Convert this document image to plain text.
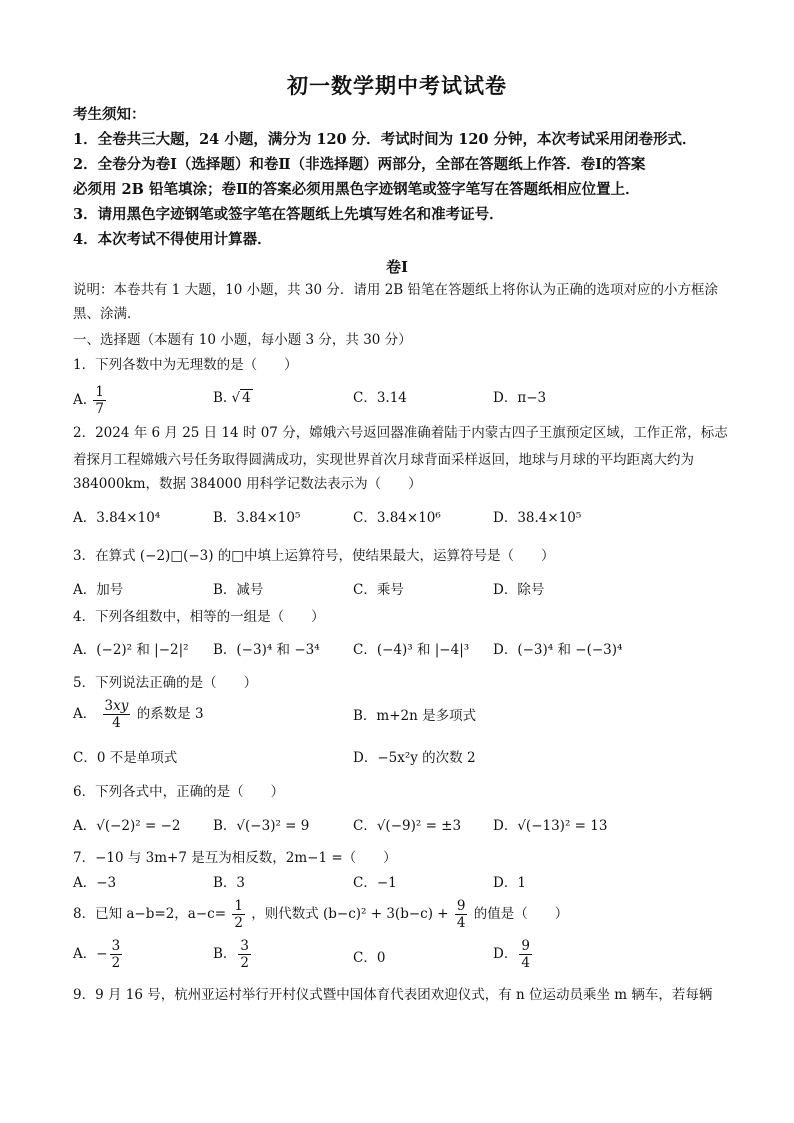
初一数学期中考试试卷
考生须知：
1．全卷共三大题，24 小题，满分为 120 分．考试时间为 120 分钟，本次考试采用闭卷形式．
2．全卷分为卷Ⅰ（选择题）和卷Ⅱ（非选择题）两部分，全部在答题纸上作答．卷Ⅰ的答案
必须用 2B 铅笔填涂；卷Ⅱ的答案必须用黑色字迹钢笔或签字笔写在答题纸相应位置上．
3．请用黑色字迹钢笔或签字笔在答题纸上先填写姓名和准考证号．
4．本次考试不得使用计算器．
卷Ⅰ
说明：本卷共有 1 大题，10 小题，共 30 分．请用 2B 铅笔在答题纸上将你认为正确的选项对应的小方框涂
黑、涂满．
一、选择题（本题有 10 小题，每小题 3 分，共 30 分）
1．下列各数中为无理数的是（　　）
A. $\frac{1}{7}$	B. √ 4	C．3.14	D．π−3
2．2024 年 6 月 25 日 14 时 07 分，嫦娥六号返回器准确着陆于内蒙古四子王旗预定区域，工作正常，标志
着探月工程嫦娥六号任务取得圆满成功，实现世界首次月球背面采样返回，地球与月球的平均距离大约为
384000km，数据 384000 用科学记数法表示为（　　）
A．3.84×10⁴	B．3.84×10⁵	C．3.84×10⁶	D．38.4×10⁵
3．在算式 (−2)□(−3) 的□中填上运算符号，使结果最大，运算符号是（　　）
A．加号	B．减号	C．乘号	D．除号
4．下列各组数中，相等的一组是（　　）
A．(−2)² 和 |−2|² B．(−3)⁴ 和 −3⁴ C．(−4)³ 和 |−4|³ D．(−3)⁴ 和 −(−3)⁴
5．下列说法正确的是（　　）
A． $\frac{3xy}{4}$ 的系数是 3	B．m+2n 是多项式
C．0 不是单项式	D．−5x²y 的次数 2
6．下列各式中，正确的是（　　）
A．√(−2)² = −2 B．√(−3)² = 9	C．√(−9)² = ±3 D．√(−13)² = 13
7．−10 与 3m+7 是互为相反数，2m−1 =（　　）
A．−3	B．3	C．−1	D．1
8．已知 a−b=2，$a-c= \frac{1}{2}$ ，则代数式 $(b-c)^2 + 3(b-c) + \frac{9}{4}$ 的值是（　　）
A．− $\frac{3}{2}$	B． $\frac{3}{2}$	C．0	D． $\frac{9}{4}$
9．9 月 16 号，杭州亚运村举行开村仪式暨中国体育代表团欢迎仪式，有 n 位运动员乘坐 m 辆车，若每辆
